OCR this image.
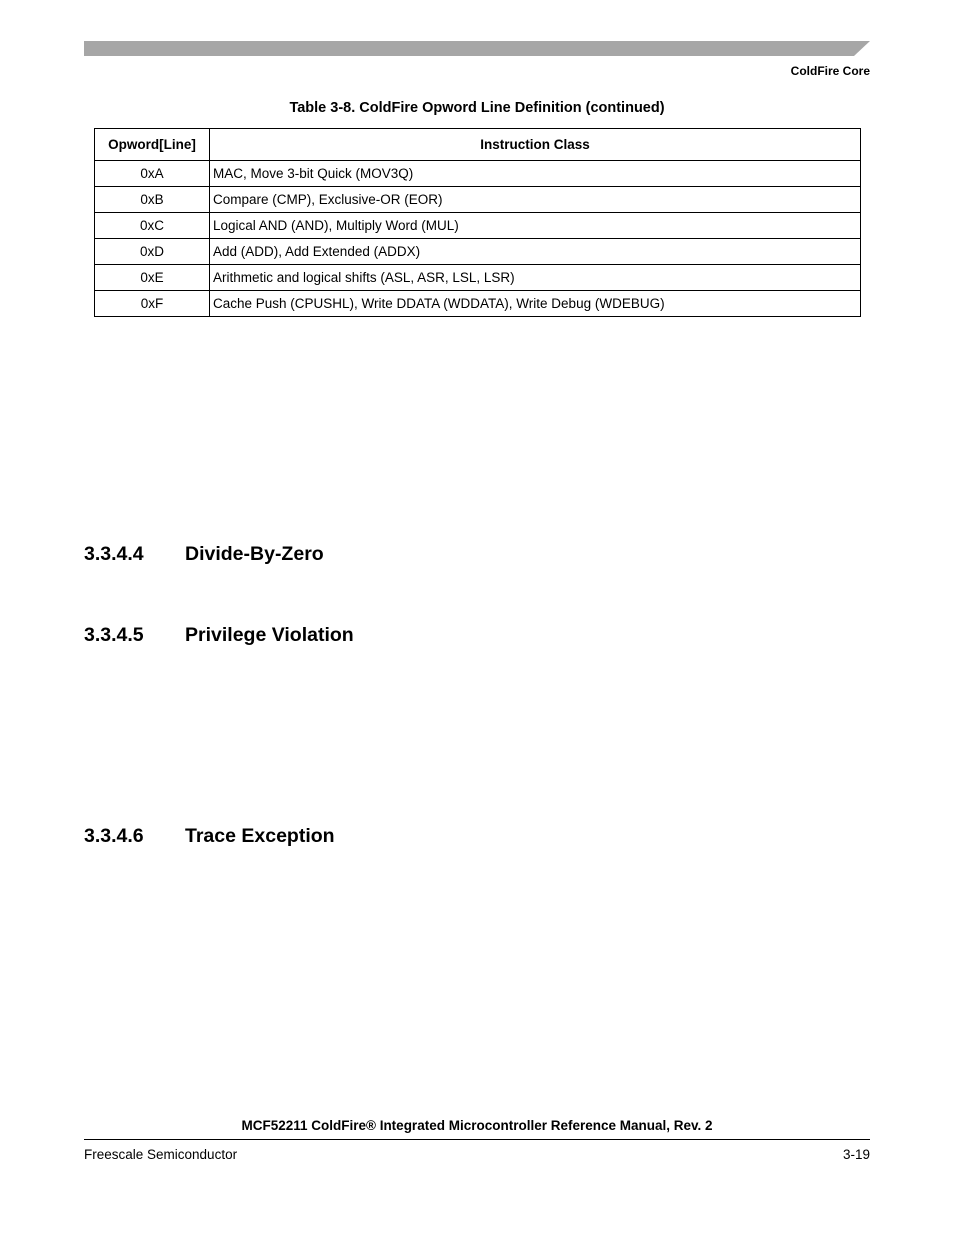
ColdFire Core
Table 3-8. ColdFire Opword Line Definition (continued)
Opword[Line]	Instruction Class
0xA	MAC, Move 3-bit Quick (MOV3Q)
0xB	Compare (CMP), Exclusive-OR (EOR)
0xC	Logical AND (AND), Multiply Word (MUL)
0xD	Add (ADD), Add Extended (ADDX)
0xE	Arithmetic and logical shifts (ASL, ASR, LSL, LSR)
0xF	Cache Push (CPUSHL), Write DDATA (WDDATA), Write Debug (WDEBUG)
3.3.4.4 Divide-By-Zero
3.3.4.5 Privilege Violation
3.3.4.6 Trace Exception
MCF52211 ColdFire® Integrated Microcontroller Reference Manual, Rev. 2
Freescale Semiconductor	3-19
